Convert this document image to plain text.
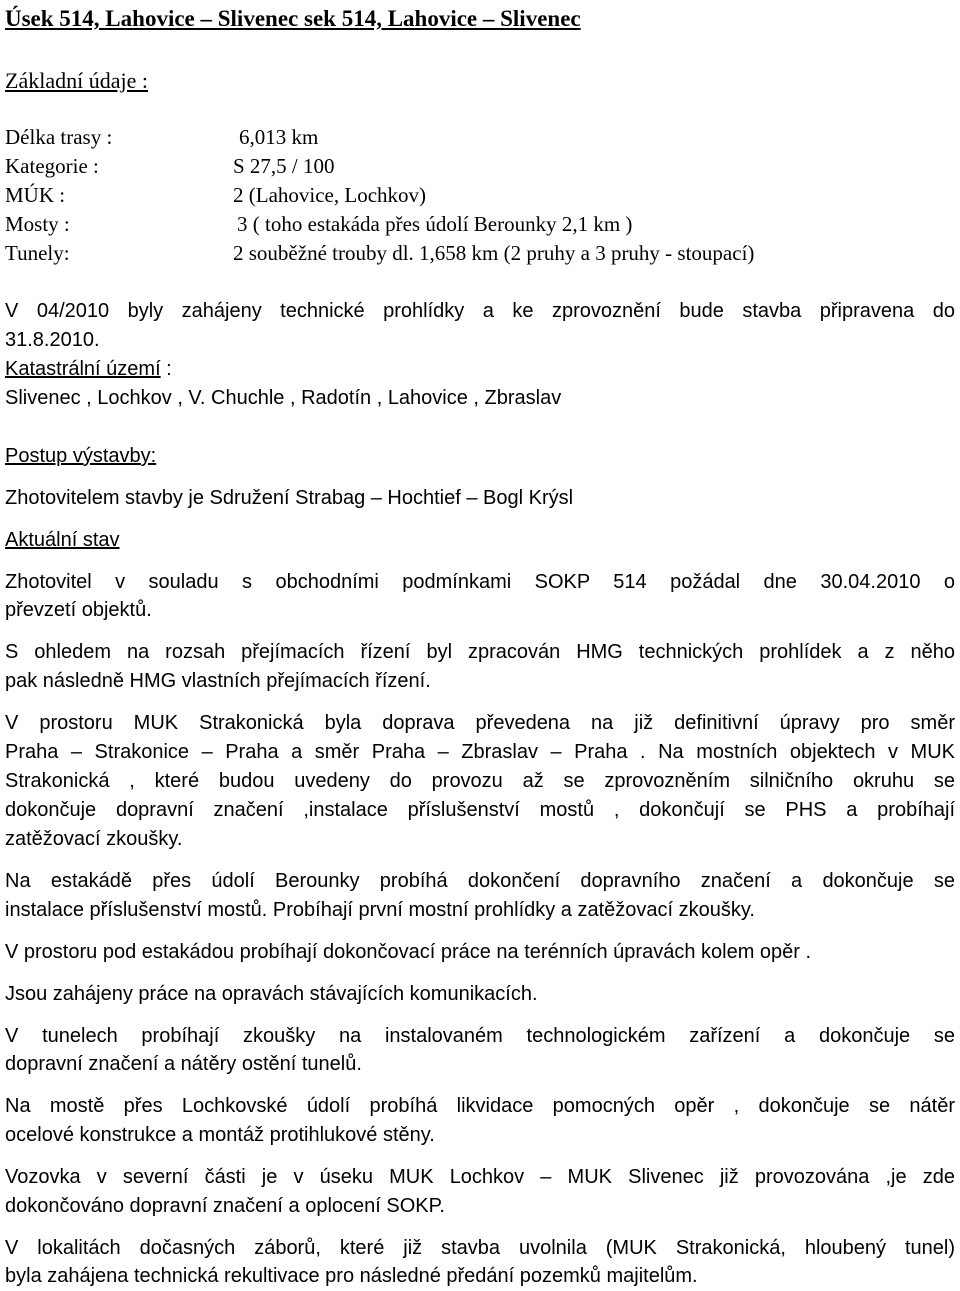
Úsek 514, Lahovice – Slivenec sek 514, Lahovice – Slivenec
Základní údaje :
Délka trasy :	6,013 km
Kategorie :	S 27,5 / 100
MÚK :	2 (Lahovice, Lochkov)
Mosty :	3 ( toho estakáda přes údolí Berounky 2,1 km )
Tunely:	2 souběžné trouby dl. 1,658 km (2 pruhy a 3 pruhy - stoupací)
V 04/2010 byly zahájeny technické prohlídky a ke zprovoznění bude stavba připravena do
31.8.2010.
Katastrální území :
Slivenec , Lochkov , V. Chuchle , Radotín , Lahovice , Zbraslav
Postup výstavby:
Zhotovitelem stavby je Sdružení Strabag – Hochtief – Bogl Krýsl
Aktuální stav
Zhotovitel v souladu s obchodními podmínkami SOKP 514 požádal dne 30.04.2010 o
převzetí objektů.
S ohledem na rozsah přejímacích řízení byl zpracován HMG technických prohlídek a z něho
pak následně HMG vlastních přejímacích řízení.
V prostoru MUK Strakonická byla doprava převedena na již definitivní úpravy pro směr
Praha – Strakonice – Praha a směr Praha – Zbraslav – Praha . Na mostních objektech v MUK
Strakonická , které budou uvedeny do provozu až se zprovozněním silničního okruhu se
dokončuje dopravní značení ,instalace příslušenství mostů , dokončují se PHS a probíhají
zatěžovací zkoušky.
Na estakádě přes údolí Berounky probíhá dokončení dopravního značení a dokončuje se
instalace příslušenství mostů. Probíhají první mostní prohlídky a zatěžovací zkoušky.
V prostoru pod estakádou probíhají dokončovací práce na terénních úpravách kolem opěr .
Jsou zahájeny práce na opravách stávajících komunikacích.
V tunelech probíhají zkoušky na instalovaném technologickém zařízení a dokončuje se
dopravní značení a nátěry ostění tunelů.
Na mostě přes Lochkovské údolí probíhá likvidace pomocných opěr , dokončuje se nátěr
ocelové konstrukce a montáž protihlukové stěny.
Vozovka v severní části je v úseku MUK Lochkov – MUK Slivenec již provozována ,je zde
dokončováno dopravní značení a oplocení SOKP.
V lokalitách dočasných záborů, které již stavba uvolnila (MUK Strakonická, hloubený tunel)
byla zahájena technická rekultivace pro následné předání pozemků majitelům.
